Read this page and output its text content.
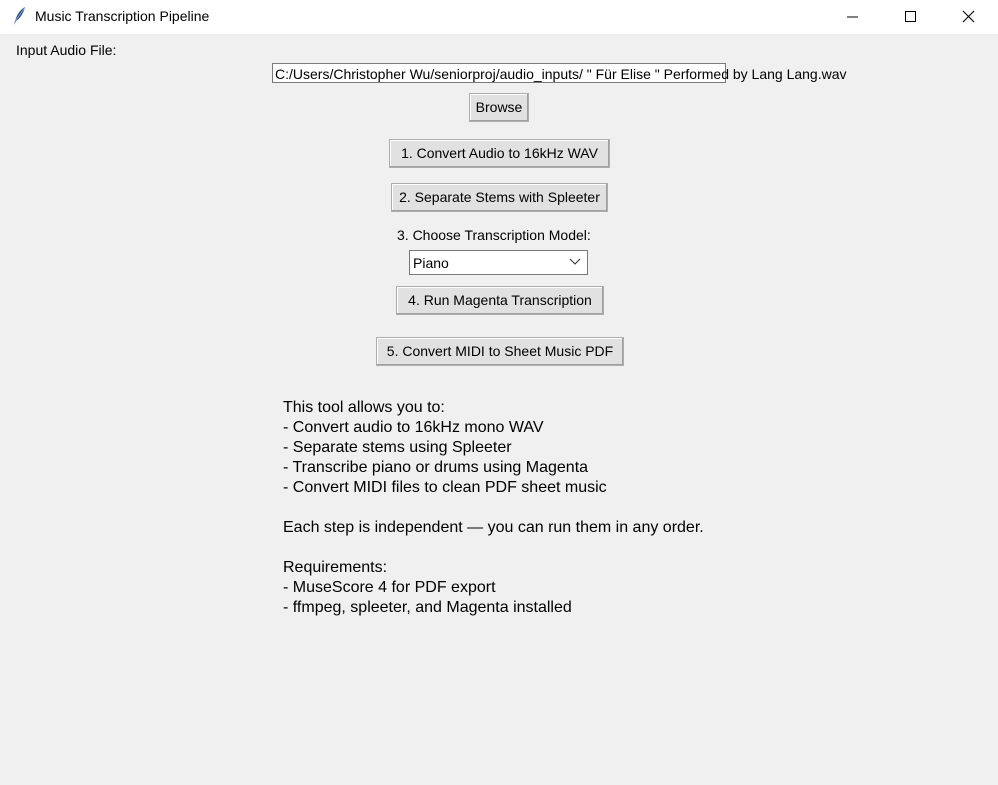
Music Transcription Pipeline
Input Audio File:
C:/Users/Christopher Wu/seniorproj/audio_inputs/ " Für Elise " Performed by Lang Lang.wav
Browse
1. Convert Audio to 16kHz WAV
2. Separate Stems with Spleeter
3. Choose Transcription Model:
Piano
4. Run Magenta Transcription
5. Convert MIDI to Sheet Music PDF
This tool allows you to:
- Convert audio to 16kHz mono WAV
- Separate stems using Spleeter
- Transcribe piano or drums using Magenta
- Convert MIDI files to clean PDF sheet music
Each step is independent — you can run them in any order.
Requirements:
- MuseScore 4 for PDF export
- ffmpeg, spleeter, and Magenta installed
